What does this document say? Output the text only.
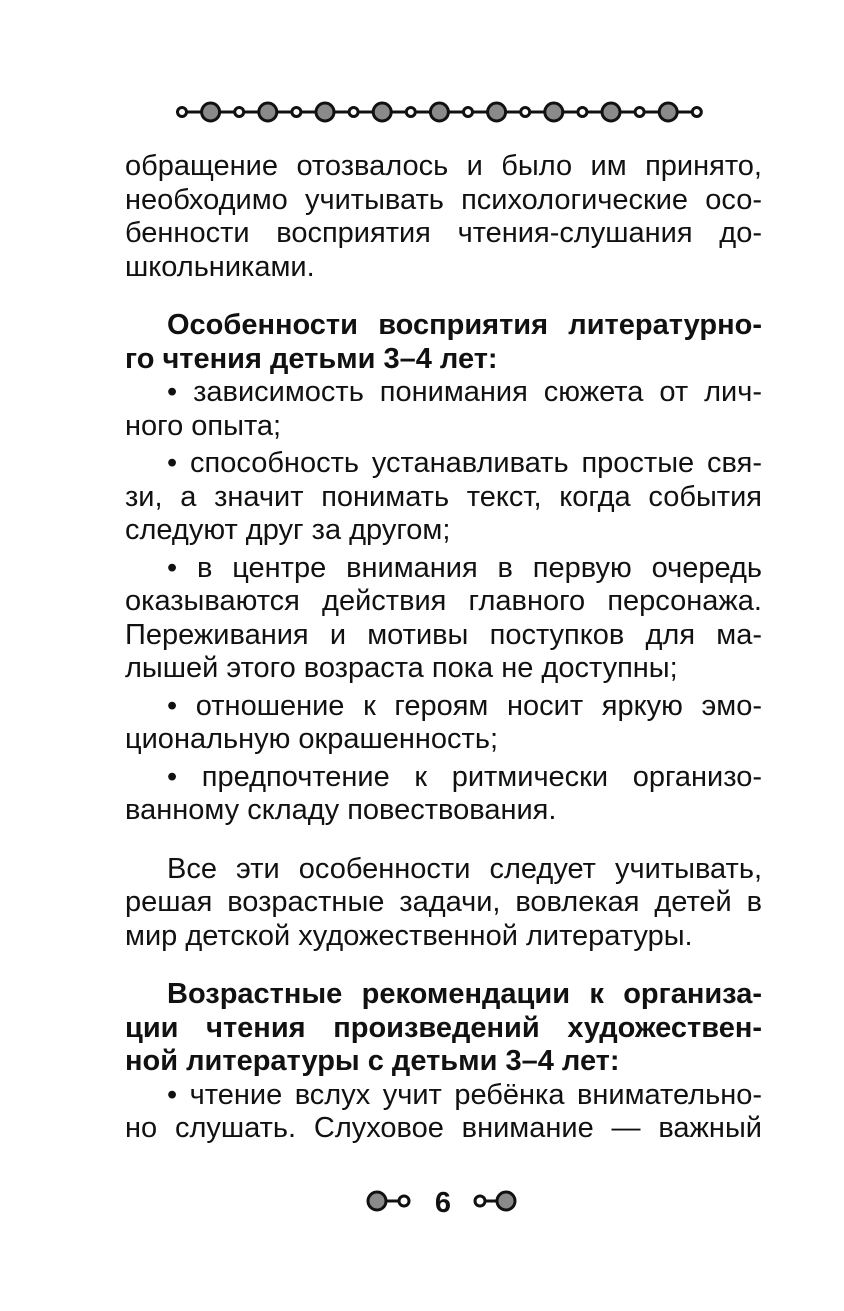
обращение отозвалось и было им принято,
необходимо учитывать психологические осо-
бенности восприятия чтения-слушания до-
школьниками.
Особенности восприятия литературно-
го чтения детьми 3–4 лет:
• зависимость понимания сюжета от лич-
ного опыта;
• способность устанавливать простые свя-
зи, а значит понимать текст, когда события
следуют друг за другом;
• в центре внимания в первую очередь
оказываются действия главного персонажа.
Переживания и мотивы поступков для ма-
лышей этого возраста пока не доступны;
• отношение к героям носит яркую эмо-
циональную окрашенность;
• предпочтение к ритмически организо-
ванному складу повествования.
Все эти особенности следует учитывать,
решая возрастные задачи, вовлекая детей в
мир детской художественной литературы.
Возрастные рекомендации к организа-
ции чтения произведений художествен-
ной литературы с детьми 3–4 лет:
• чтение вслух учит ребёнка внимательно-
но слушать. Слуховое внимание — важный
6
